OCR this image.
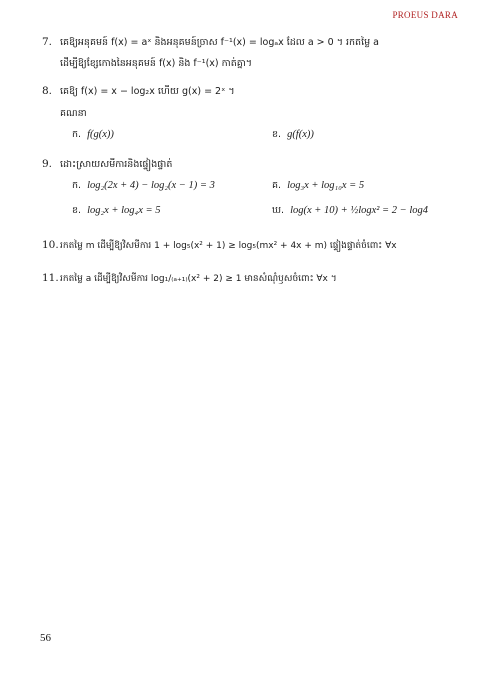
PROEUS DARA
7. គេឱ្យអនុគមន៍ f(x) = aˣ និងអនុគមន៍ច្រាស f⁻¹(x) = logₐx ដែល a > 0 ។ រកតម្លៃ a
ដើម្បីឱ្យខ្សែកោងនៃអនុគមន៍ f(x) និង f⁻¹(x) កាត់គ្នា។
8. គេឱ្យ f(x) = x − log₂x ហើយ g(x) = 2ˣ ។
គណនា
ក. f(g(x))	ខ. g(f(x))
9. ដោះស្រាយសមីការនិងផ្ទៀងផ្ទាត់
ក. log₂(2x + 4) − log₂(x − 1) = 3	គ. log₃x + log₁₀x = 5
ខ. log₂x + log₄x = 5	ឃ. log(x + 10) + ½logx² = 2 − log4
10. រកតម្លៃ m ដើម្បីឱ្យវិសមីការ 1 + log₅(x² + 1) ≥ log₅(mx² + 4x + m) ផ្ទៀងផ្ទាត់ចំពោះ ∀x
11. រកតម្លៃ a ដើម្បីឱ្យវិសមីការ log₁/₍ₐ₊₁₎(x² + 2) ≥ 1 មានសំណុំឫសចំពោះ ∀x ។
56
